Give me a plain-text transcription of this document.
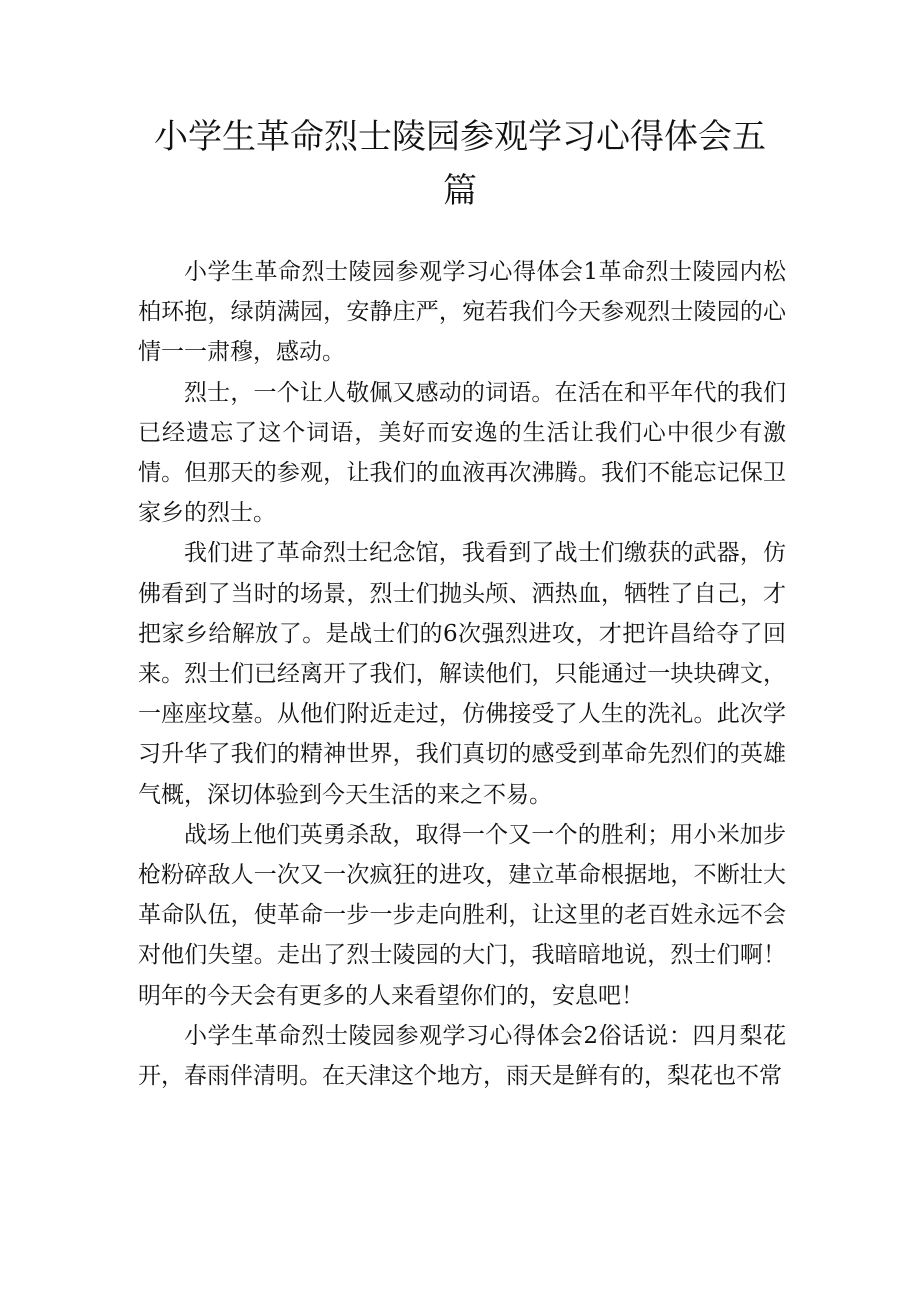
小学生革命烈士陵园参观学习心得体会五篇

小学生革命烈士陵园参观学习心得体会1革命烈士陵园内松柏环抱，绿荫满园，安静庄严，宛若我们今天参观烈士陵园的心情一一肃穆，感动。

烈士，一个让人敬佩又感动的词语。在活在和平年代的我们已经遗忘了这个词语，美好而安逸的生活让我们心中很少有激情。但那天的参观，让我们的血液再次沸腾。我们不能忘记保卫家乡的烈士。

我们进了革命烈士纪念馆，我看到了战士们缴获的武器，仿佛看到了当时的场景，烈士们抛头颅、洒热血，牺牲了自己，才把家乡给解放了。是战士们的6次强烈进攻，才把许昌给夺了回来。烈士们已经离开了我们，解读他们，只能通过一块块碑文，一座座坟墓。从他们附近走过，仿佛接受了人生的洗礼。此次学习升华了我们的精神世界，我们真切的感受到革命先烈们的英雄气概，深切体验到今天生活的来之不易。

战场上他们英勇杀敌，取得一个又一个的胜利；用小米加步枪粉碎敌人一次又一次疯狂的进攻，建立革命根据地，不断壮大革命队伍，使革命一步一步走向胜利，让这里的老百姓永远不会对他们失望。走出了烈士陵园的大门，我暗暗地说，烈士们啊！明年的今天会有更多的人来看望你们的，安息吧！

小学生革命烈士陵园参观学习心得体会2俗话说：四月梨花开，春雨伴清明。在天津这个地方，雨天是鲜有的，梨花也不常
